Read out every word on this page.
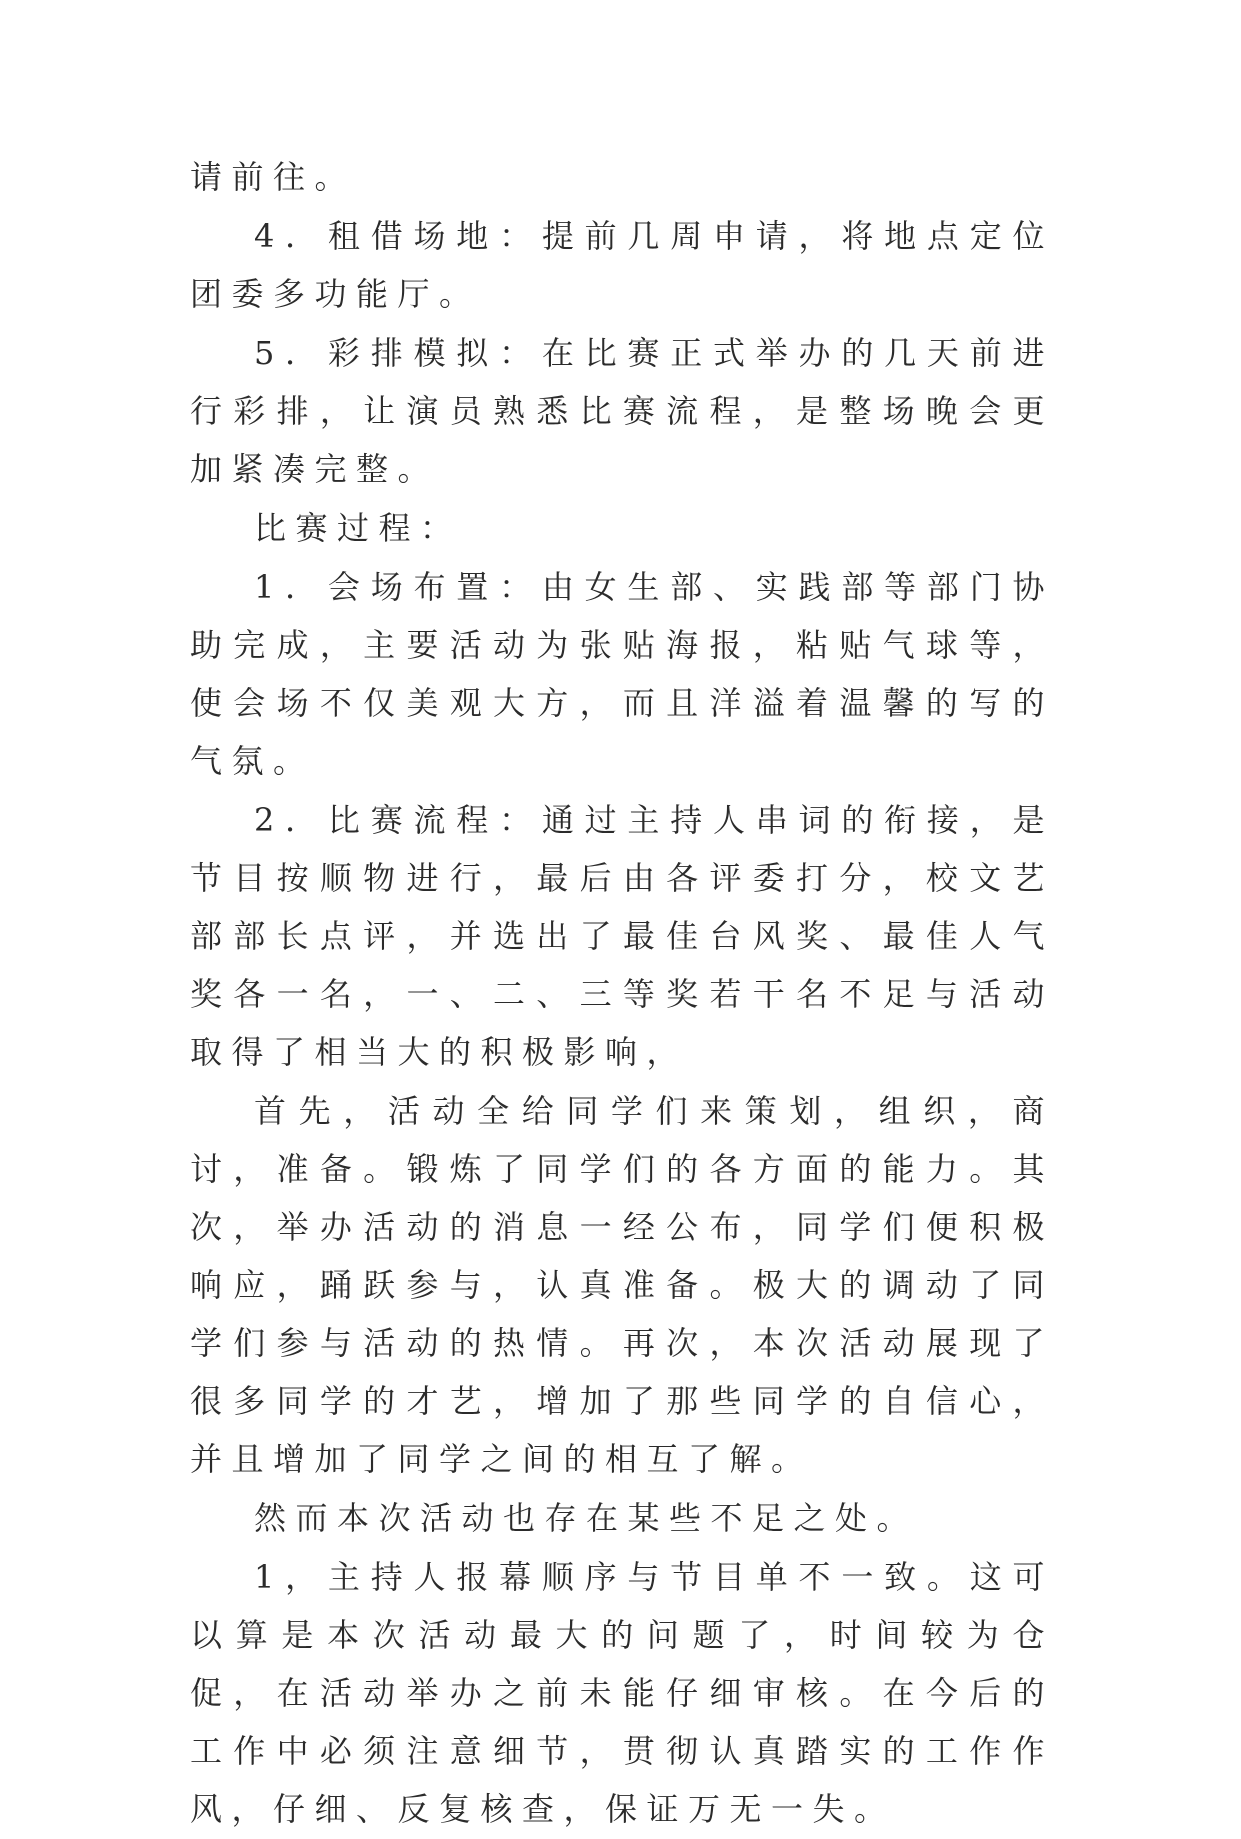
请前往。

4．租借场地：提前几周申请，将地点定位团委多功能厅。

5．彩排模拟：在比赛正式举办的几天前进行彩排，让演员熟悉比赛流程，是整场晚会更加紧凑完整。

比赛过程：

1．会场布置：由女生部、实践部等部门协助完成，主要活动为张贴海报，粘贴气球等，使会场不仅美观大方，而且洋溢着温馨的写的气氛。

2．比赛流程：通过主持人串词的衔接，是节目按顺物进行，最后由各评委打分，校文艺部部长点评，并选出了最佳台风奖、最佳人气奖各一名，一、二、三等奖若干名不足与活动取得了相当大的积极影响，

首先，活动全给同学们来策划，组织，商讨，准备。锻炼了同学们的各方面的能力。其次，举办活动的消息一经公布，同学们便积极响应，踊跃参与，认真准备。极大的调动了同学们参与活动的热情。再次，本次活动展现了很多同学的才艺，增加了那些同学的自信心，并且增加了同学之间的相互了解。

然而本次活动也存在某些不足之处。

1，主持人报幕顺序与节目单不一致。这可以算是本次活动最大的问题了，时间较为仓促，在活动举办之前未能仔细审核。在今后的工作中必须注意细节，贯彻认真踏实的工作作风，仔细、反复核查，保证万无一失。
